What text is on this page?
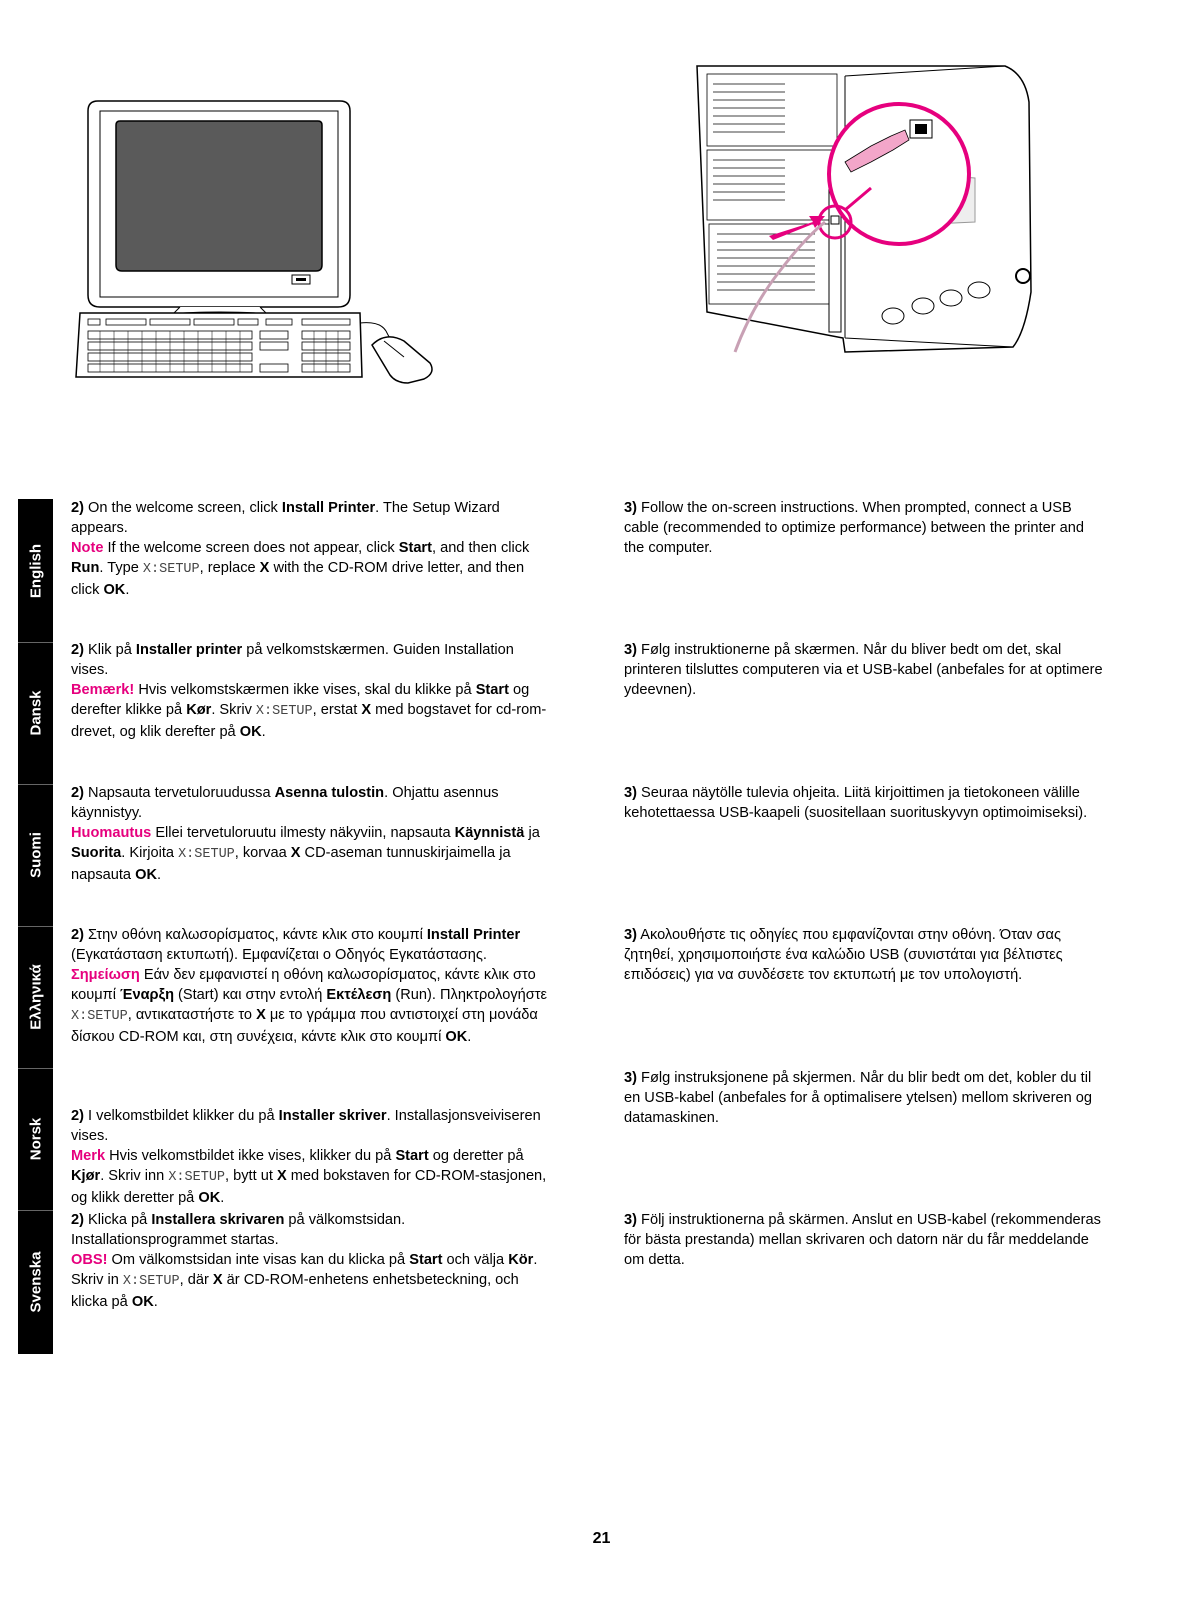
English
Dansk
Suomi
Ελληνικά
Norsk
Svenska
2) On the welcome screen, click Install Printer. The Setup Wizard appears.
Note If the welcome screen does not appear, click Start, and then click Run. Type X:SETUP, replace X with the CD-ROM drive letter, and then click OK.
3) Follow the on-screen instructions. When prompted, connect a USB cable (recommended to optimize performance) between the printer and the computer.
2) Klik på Installer printer på velkomstskærmen. Guiden Installation vises.
Bemærk! Hvis velkomstskærmen ikke vises, skal du klikke på Start og derefter klikke på Kør. Skriv X:SETUP, erstat X med bogstavet for cd-rom-drevet, og klik derefter på OK.
3) Følg instruktionerne på skærmen. Når du bliver bedt om det, skal printeren tilsluttes computeren via et USB-kabel (anbefales for at optimere ydeevnen).
2) Napsauta tervetuloruudussa Asenna tulostin. Ohjattu asennus käynnistyy.
Huomautus Ellei tervetuloruutu ilmesty näkyviin, napsauta Käynnistä ja Suorita. Kirjoita X:SETUP, korvaa X CD-aseman tunnuskirjaimella ja napsauta OK.
3) Seuraa näytölle tulevia ohjeita. Liitä kirjoittimen ja tietokoneen välille kehotettaessa USB-kaapeli (suositellaan suorituskyvyn optimoimiseksi).
2) Στην οθόνη καλωσορίσματος, κάντε κλικ στο κουμπί Install Printer (Εγκατάσταση εκτυπωτή). Εμφανίζεται ο Οδηγός Εγκατάστασης.
Σημείωση Εάν δεν εμφανιστεί η οθόνη καλωσορίσματος, κάντε κλικ στο κουμπί Έναρξη (Start) και στην εντολή Εκτέλεση (Run). Πληκτρολογήστε X:SETUP, αντικαταστήστε το X με το γράμμα που αντιστοιχεί στη μονάδα δίσκου CD-ROM και, στη συνέχεια, κάντε κλικ στο κουμπί OK.
3) Ακολουθήστε τις οδηγίες που εμφανίζονται στην οθόνη. Όταν σας ζητηθεί, χρησιμοποιήστε ένα καλώδιο USB (συνιστάται για βέλτιστες επιδόσεις) για να συνδέσετε τον εκτυπωτή με τον υπολογιστή.
2) I velkomstbildet klikker du på Installer skriver. Installasjonsveiviseren vises.
Merk Hvis velkomstbildet ikke vises, klikker du på Start og deretter på Kjør. Skriv inn X:SETUP, bytt ut X med bokstaven for CD-ROM-stasjonen, og klikk deretter på OK.
3) Følg instruksjonene på skjermen. Når du blir bedt om det, kobler du til en USB-kabel (anbefales for å optimalisere ytelsen) mellom skriveren og datamaskinen.
2) Klicka på Installera skrivaren på välkomstsidan. Installationsprogrammet startas.
OBS! Om välkomstsidan inte visas kan du klicka på Start och välja Kör. Skriv in X:SETUP, där X är CD-ROM-enhetens enhetsbeteckning, och klicka på OK.
3) Följ instruktionerna på skärmen. Anslut en USB-kabel (rekommenderas för bästa prestanda) mellan skrivaren och datorn när du får meddelande om detta.
21
